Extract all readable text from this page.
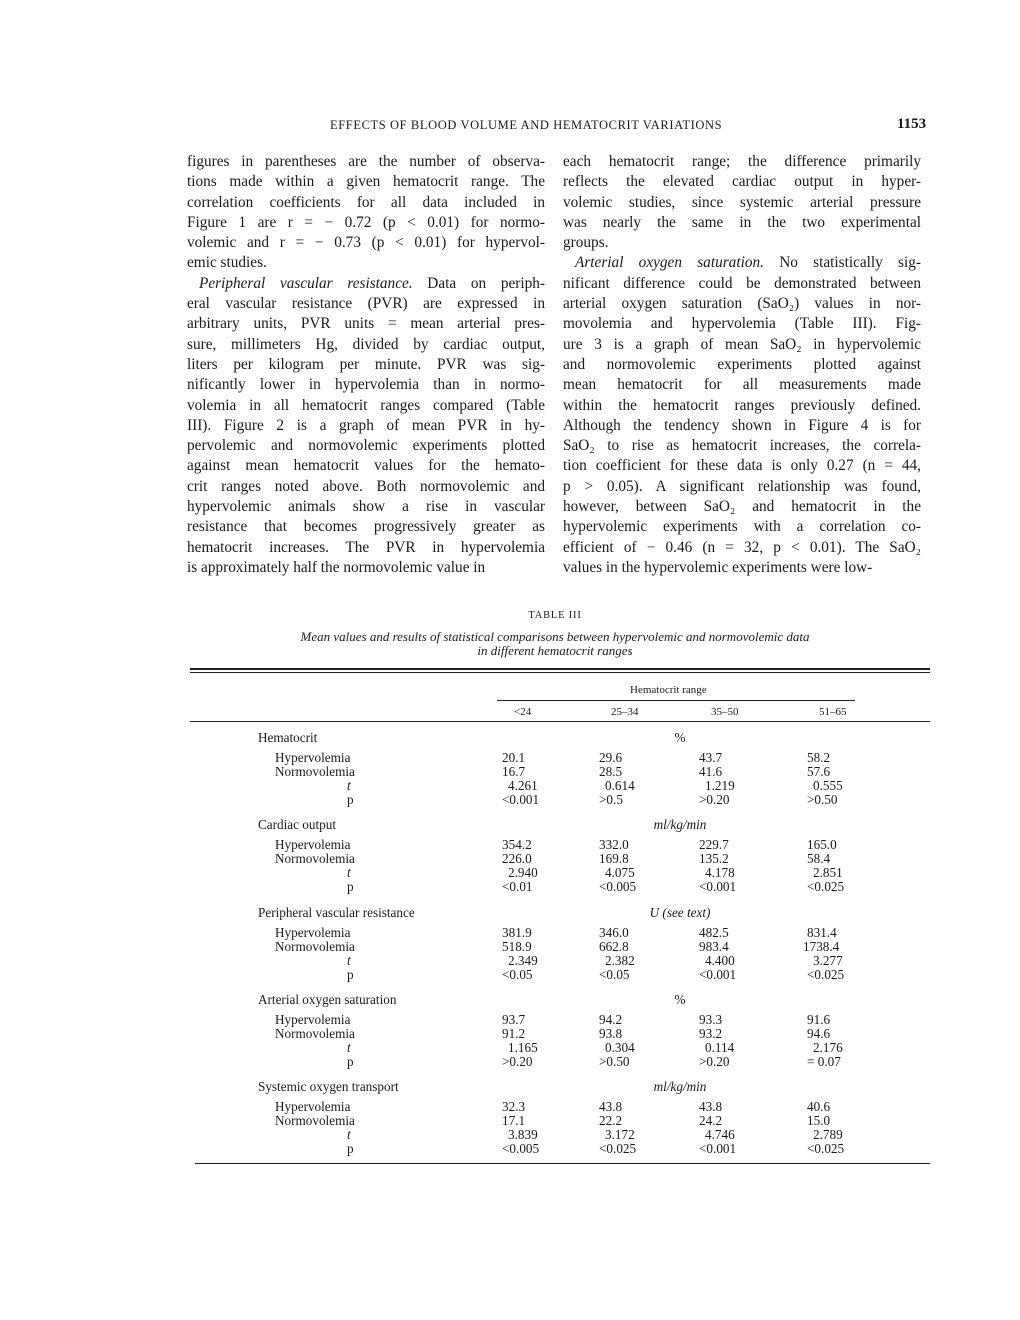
EFFECTS OF BLOOD VOLUME AND HEMATOCRIT VARIATIONS	1153
figures in parentheses are the number of observa-
tions made within a given hematocrit range. The
correlation coefficients for all data included in
Figure 1 are r = − 0.72 (p < 0.01) for normo-
volemic and r = − 0.73 (p < 0.01) for hypervol-
emic studies.
Peripheral vascular resistance. Data on periph-
eral vascular resistance (PVR) are expressed in
arbitrary units, PVR units = mean arterial pres-
sure, millimeters Hg, divided by cardiac output,
liters per kilogram per minute. PVR was sig-
nificantly lower in hypervolemia than in normo-
volemia in all hematocrit ranges compared (Table
III). Figure 2 is a graph of mean PVR in hy-
pervolemic and normovolemic experiments plotted
against mean hematocrit values for the hemato-
crit ranges noted above. Both normovolemic and
hypervolemic animals show a rise in vascular
resistance that becomes progressively greater as
hematocrit increases. The PVR in hypervolemia
is approximately half the normovolemic value in
each hematocrit range; the difference primarily
reflects the elevated cardiac output in hyper-
volemic studies, since systemic arterial pressure
was nearly the same in the two experimental
groups.
Arterial oxygen saturation. No statistically sig-
nificant difference could be demonstrated between
arterial oxygen saturation (SaO₂) values in nor-
movolemia and hypervolemia (Table III). Fig-
ure 3 is a graph of mean SaO₂ in hypervolemic
and normovolemic experiments plotted against
mean hematocrit for all measurements made
within the hematocrit ranges previously defined.
Although the tendency shown in Figure 4 is for
SaO₂ to rise as hematocrit increases, the correla-
tion coefficient for these data is only 0.27 (n = 44,
p > 0.05). A significant relationship was found,
however, between SaO₂ and hematocrit in the
hypervolemic experiments with a correlation co-
efficient of − 0.46 (n = 32, p < 0.01). The SaO₂
values in the hypervolemic experiments were low-
TABLE III
Mean values and results of statistical comparisons between hypervolemic and normovolemic data
in different hematocrit ranges
Hematocrit range
<24	25–34	35–50	51–65
Hematocrit	%
Hypervolemia	20.1	29.6	43.7	58.2
Normovolemia	16.7	28.5	41.6	57.6
t	4.261	0.614	1.219	0.555
p	<0.001	>0.5	>0.20	>0.50
Cardiac output	ml/kg/min
Hypervolemia	354.2	332.0	229.7	165.0
Normovolemia	226.0	169.8	135.2	58.4
t	2.940	4.075	4.178	2.851
p	<0.01	<0.005	<0.001	<0.025
Peripheral vascular resistance	U (see text)
Hypervolemia	381.9	346.0	482.5	831.4
Normovolemia	518.9	662.8	983.4	1738.4
t	2.349	2.382	4.400	3.277
p	<0.05	<0.05	<0.001	<0.025
Arterial oxygen saturation	%
Hypervolemia	93.7	94.2	93.3	91.6
Normovolemia	91.2	93.8	93.2	94.6
t	1.165	0.304	0.114	2.176
p	>0.20	>0.50	>0.20	= 0.07
Systemic oxygen transport	ml/kg/min
Hypervolemia	32.3	43.8	43.8	40.6
Normovolemia	17.1	22.2	24.2	15.0
t	3.839	3.172	4.746	2.789
p	<0.005	<0.025	<0.001	<0.025
